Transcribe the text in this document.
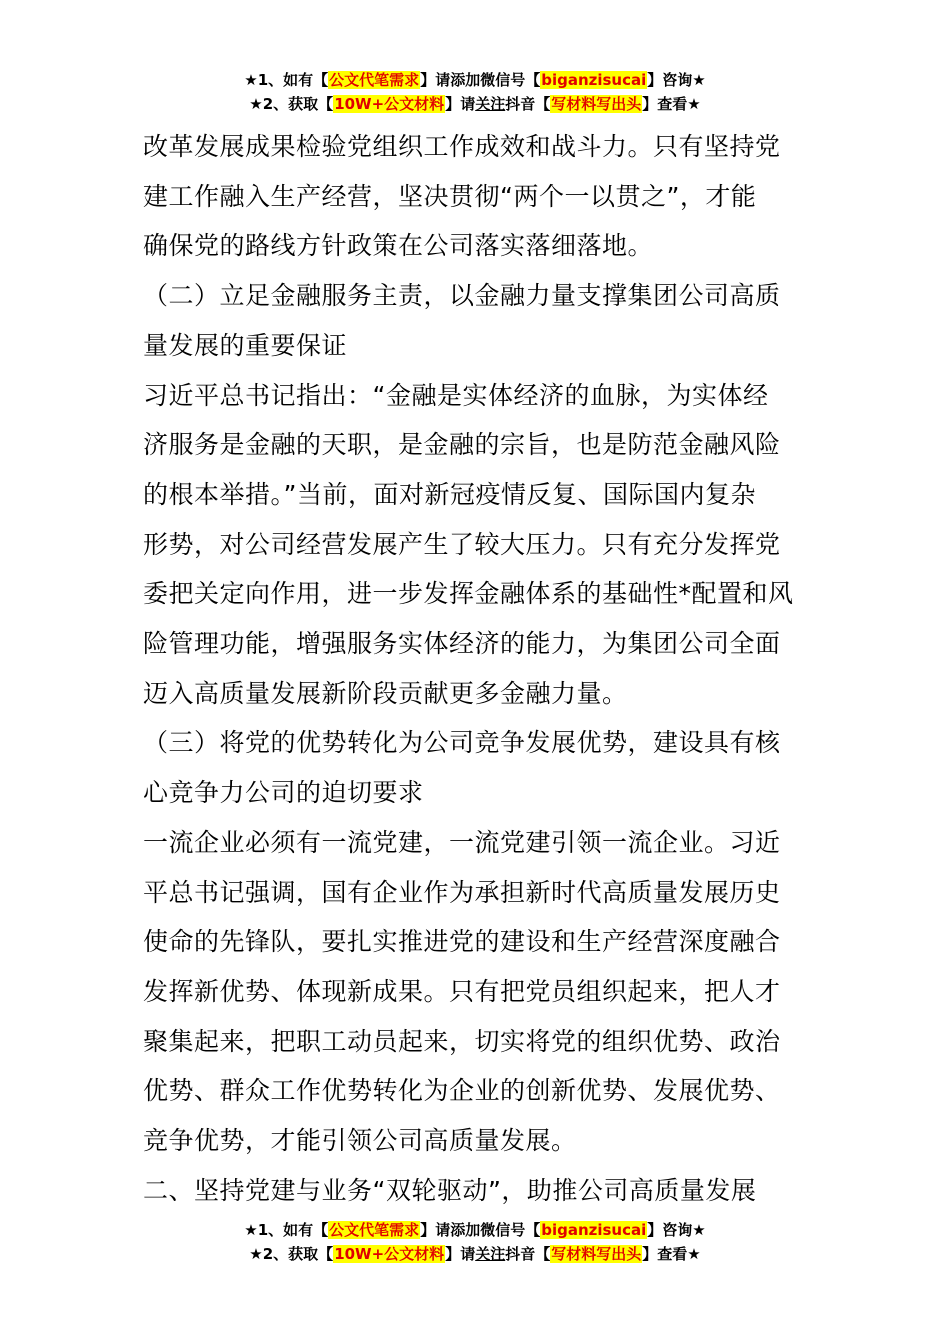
★1、如有【公文代笔需求】请添加微信号【biganzisucai】咨询★
★2、获取【10W+公文材料】请关注抖音【写材料写出头】查看★

改革发展成果检验党组织工作成效和战斗力。只有坚持党

建工作融入生产经营，坚决贯彻“两个一以贯之”，才能

确保党的路线方针政策在公司落实落细落地。

（二）立足金融服务主责，以金融力量支撑集团公司高质

量发展的重要保证

习近平总书记指出：“金融是实体经济的血脉，为实体经

济服务是金融的天职，是金融的宗旨，也是防范金融风险

的根本举措。”当前，面对新冠疫情反复、国际国内复杂

形势，对公司经营发展产生了较大压力。只有充分发挥党

委把关定向作用，进一步发挥金融体系的基础性*配置和风

险管理功能，增强服务实体经济的能力，为集团公司全面

迈入高质量发展新阶段贡献更多金融力量。

（三）将党的优势转化为公司竞争发展优势，建设具有核

心竞争力公司的迫切要求

一流企业必须有一流党建，一流党建引领一流企业。习近

平总书记强调，国有企业作为承担新时代高质量发展历史

使命的先锋队，要扎实推进党的建设和生产经营深度融合

发挥新优势、体现新成果。只有把党员组织起来，把人才

聚集起来，把职工动员起来，切实将党的组织优势、政治

优势、群众工作优势转化为企业的创新优势、发展优势、

竞争优势，才能引领公司高质量发展。

二、坚持党建与业务“双轮驱动”，助推公司高质量发展

★1、如有【公文代笔需求】请添加微信号【biganzisucai】咨询★
★2、获取【10W+公文材料】请关注抖音【写材料写出头】查看★
